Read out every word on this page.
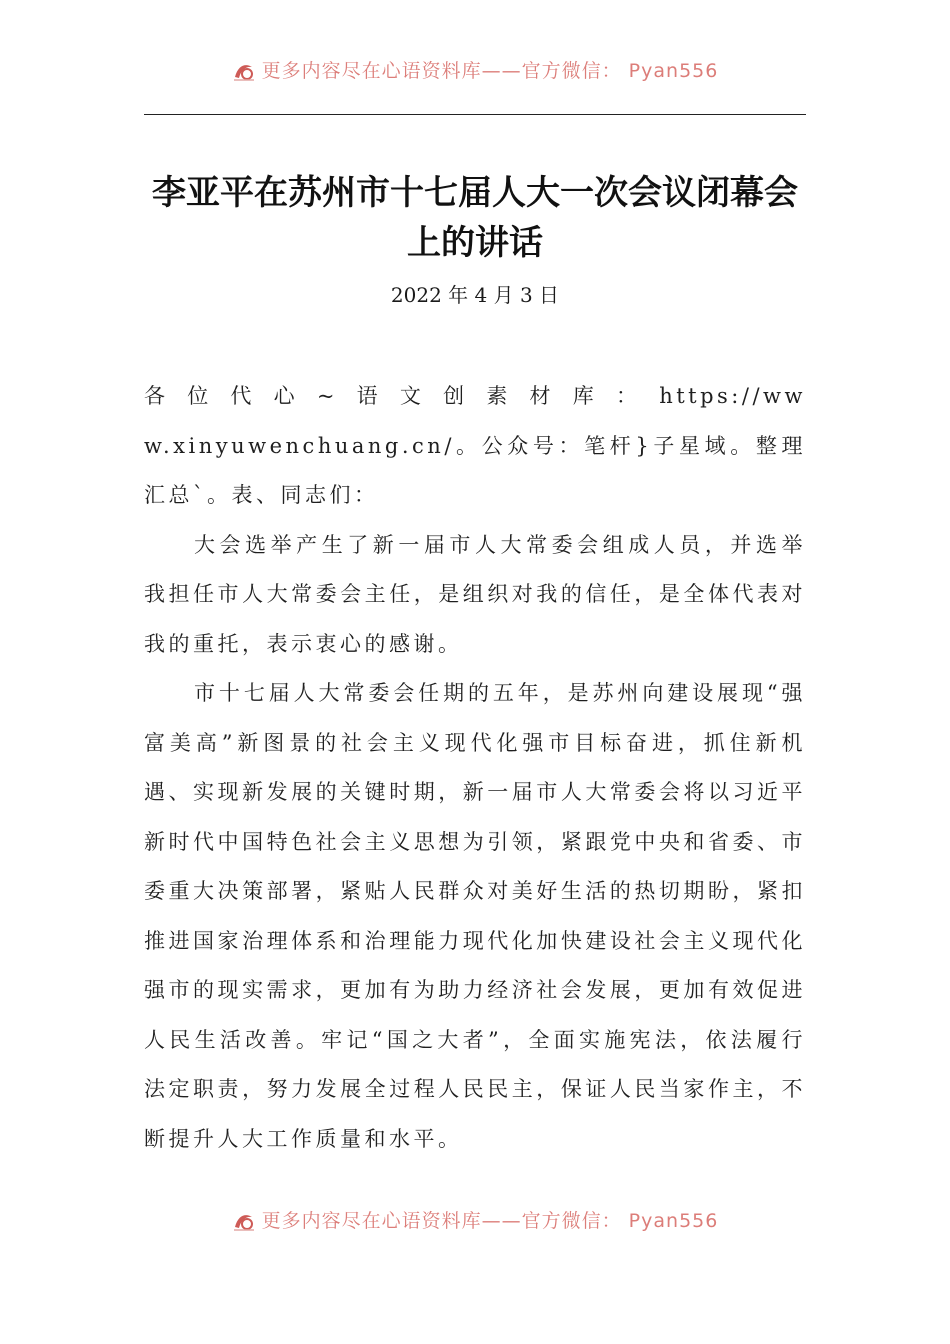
更多内容尽在心语资料库——官方微信： Pyan556
李亚平在苏州市十七届人大一次会议闭幕会上的讲话

2022 年 4 月 3 日

各位代心~语文创素材库：https://www.xinyuwenchuang.cn/。公众号：笔杆}子星域。整理汇总`。表、同志们：

大会选举产生了新一届市人大常委会组成人员，并选举我担任市人大常委会主任，是组织对我的信任，是全体代表对我的重托，表示衷心的感谢。

市十七届人大常委会任期的五年，是苏州向建设展现“强富美高”新图景的社会主义现代化强市目标奋进，抓住新机遇、实现新发展的关键时期，新一届市人大常委会将以习近平新时代中国特色社会主义思想为引领，紧跟党中央和省委、市委重大决策部署，紧贴人民群众对美好生活的热切期盼，紧扣推进国家治理体系和治理能力现代化加快建设社会主义现代化强市的现实需求，更加有为助力经济社会发展，更加有效促进人民生活改善。牢记“国之大者”，全面实施宪法，依法履行法定职责，努力发展全过程人民民主，保证人民当家作主，不断提升人大工作质量和水平。

更多内容尽在心语资料库——官方微信： Pyan556
